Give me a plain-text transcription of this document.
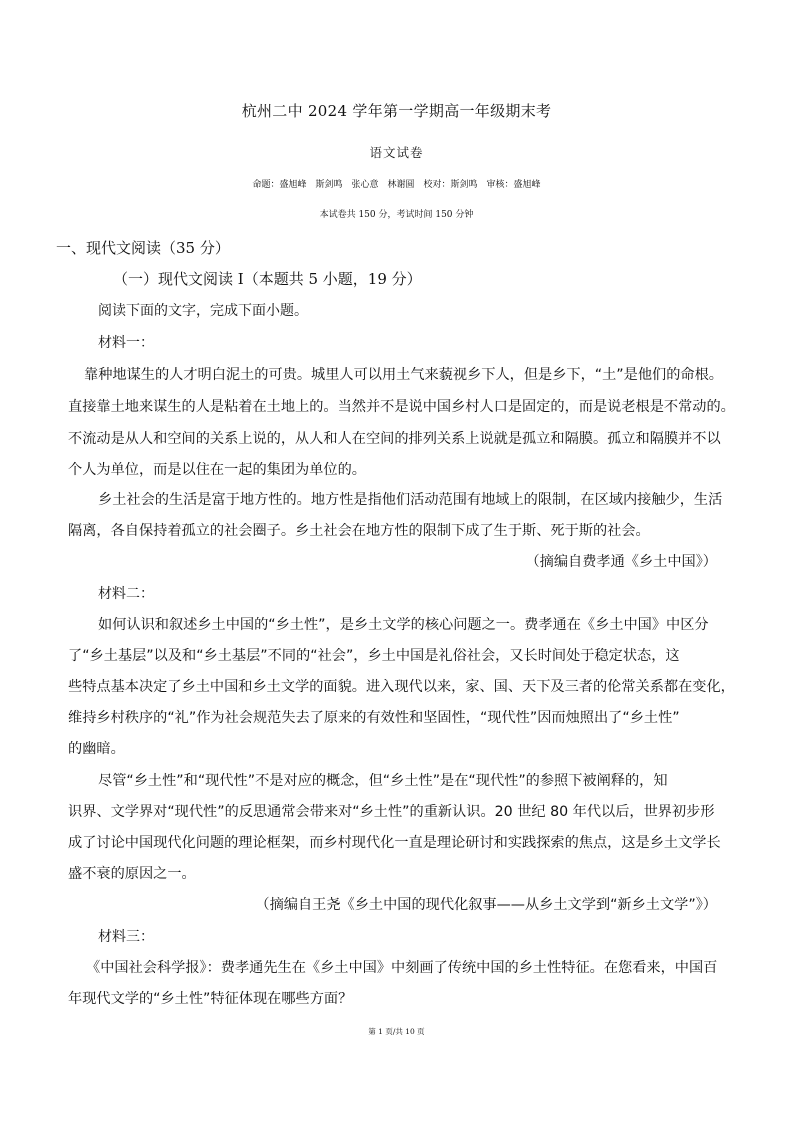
杭州二中 2024 学年第一学期高一年级期末考
语文试卷
命题：盛旭峰　斯剑鸣　张心意　林谢圆　校对：斯剑鸣　审核：盛旭峰
本试卷共 150 分，考试时间 150 分钟
一、现代文阅读（35 分）
（一）现代文阅读 I（本题共 5 小题，19 分）
阅读下面的文字，完成下面小题。
材料一：
靠种地谋生的人才明白泥土的可贵。城里人可以用土气来藐视乡下人，但是乡下，“土”是他们的命根。
直接靠土地来谋生的人是粘着在土地上的。当然并不是说中国乡村人口是固定的，而是说老根是不常动的。
不流动是从人和空间的关系上说的，从人和人在空间的排列关系上说就是孤立和隔膜。孤立和隔膜并不以
个人为单位，而是以住在一起的集团为单位的。
乡土社会的生活是富于地方性的。地方性是指他们活动范围有地域上的限制，在区域内接触少，生活
隔离，各自保持着孤立的社会圈子。乡土社会在地方性的限制下成了生于斯、死于斯的社会。
（摘编自费孝通《乡土中国》）
材料二：
如何认识和叙述乡土中国的“乡土性”，是乡土文学的核心问题之一。费孝通在《乡土中国》中区分
了“乡土基层”以及和“乡土基层”不同的“社会”，乡土中国是礼俗社会，又长时间处于稳定状态，这
些特点基本决定了乡土中国和乡土文学的面貌。进入现代以来，家、国、天下及三者的伦常关系都在变化，
维持乡村秩序的“礼”作为社会规范失去了原来的有效性和坚固性，“现代性”因而烛照出了“乡土性”
的幽暗。
尽管“乡土性”和“现代性”不是对应的概念，但“乡土性”是在“现代性”的参照下被阐释的，知
识界、文学界对“现代性”的反思通常会带来对“乡土性”的重新认识。20 世纪 80 年代以后，世界初步形
成了讨论中国现代化问题的理论框架，而乡村现代化一直是理论研讨和实践探索的焦点，这是乡土文学长
盛不衰的原因之一。
（摘编自王尧《乡土中国的现代化叙事——从乡土文学到“新乡土文学”》）
材料三：
《中国社会科学报》：费孝通先生在《乡土中国》中刻画了传统中国的乡土性特征。在您看来，中国百
年现代文学的“乡土性”特征体现在哪些方面？
第 1 页/共 10 页
